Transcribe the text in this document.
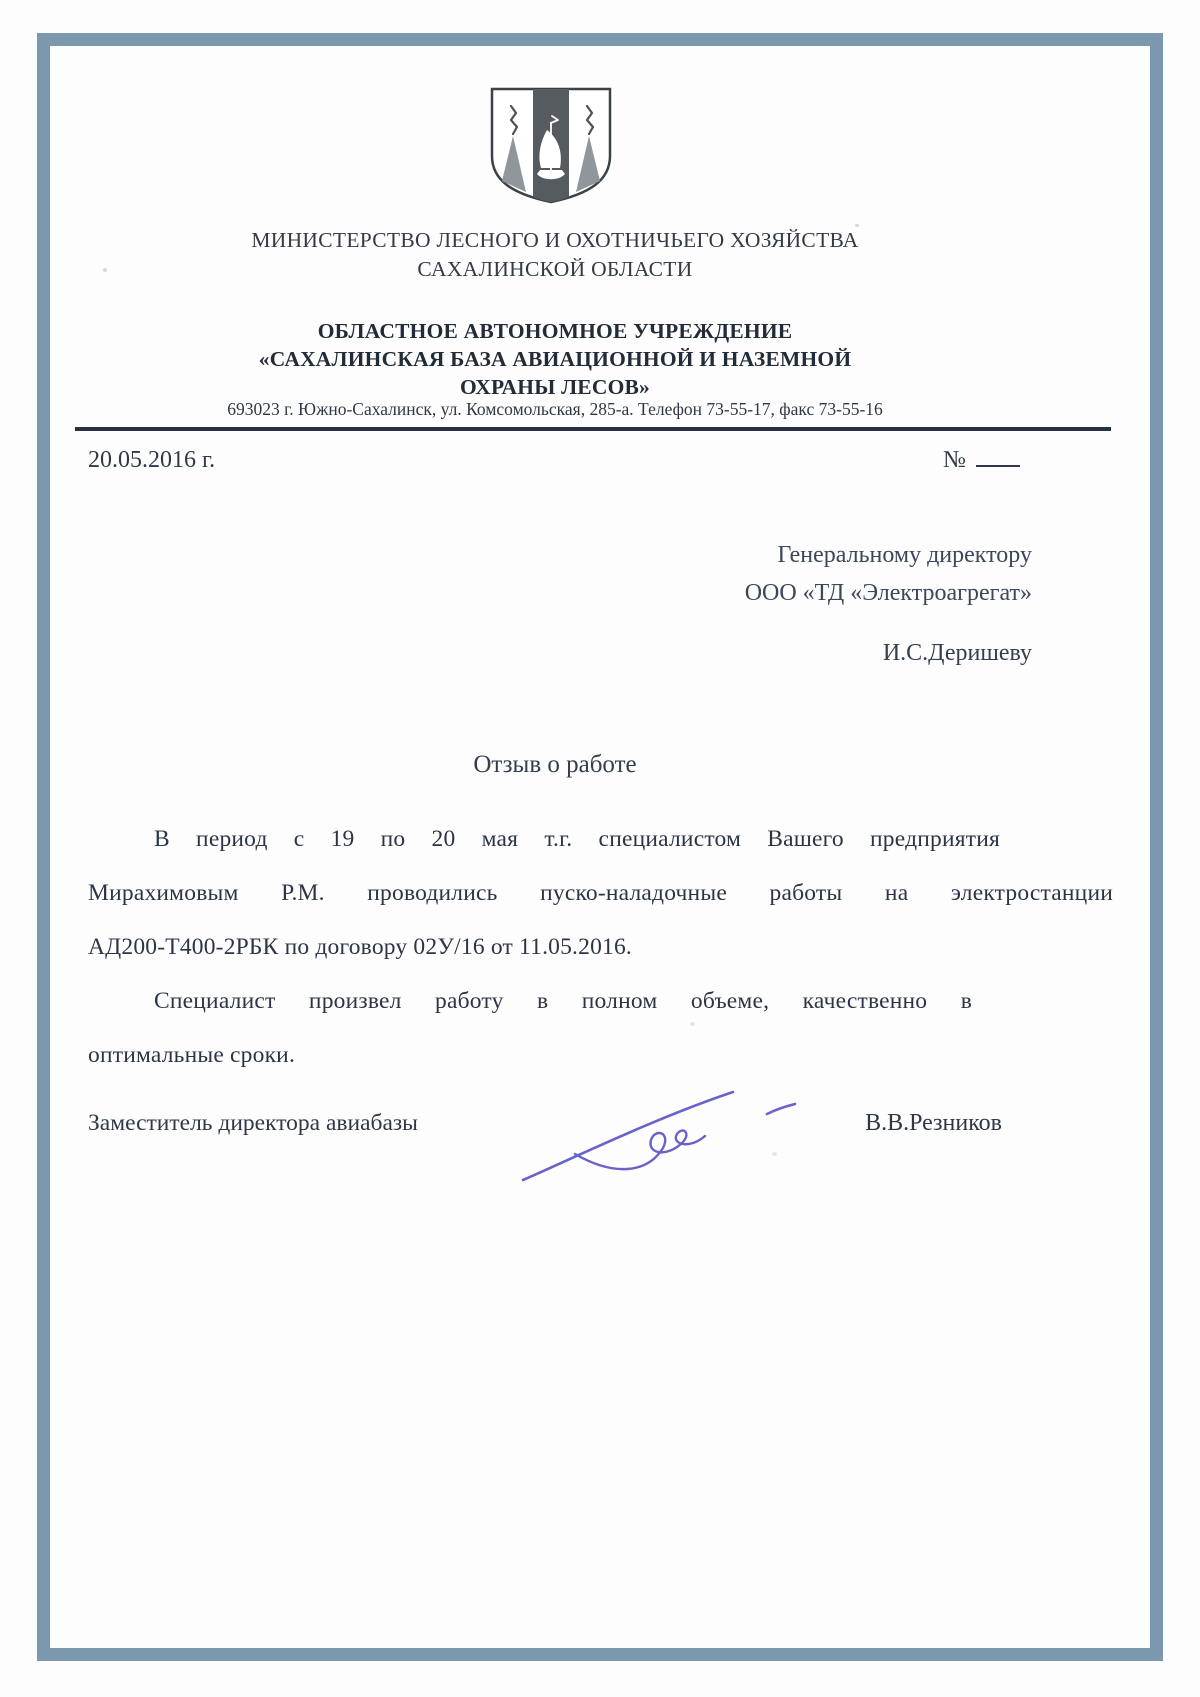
МИНИСТЕРСТВО ЛЕСНОГО И ОХОТНИЧЬЕГО ХОЗЯЙСТВА
САХАЛИНСКОЙ ОБЛАСТИ
ОБЛАСТНОЕ АВТОНОМНОЕ УЧРЕЖДЕНИЕ
«САХАЛИНСКАЯ БАЗА АВИАЦИОННОЙ И НАЗЕМНОЙ
ОХРАНЫ ЛЕСОВ»
693023 г. Южно-Сахалинск, ул. Комсомольская, 285-а. Телефон 73-55-17, факс 73-55-16
20.05.2016 г.	№
Генеральному директору
ООО «ТД «Электроагрегат»
И.С.Деришеву
Отзыв о работе
В период с 19 по 20 мая т.г. специалистом Вашего предприятия
Мирахимовым Р.М. проводились пуско-наладочные работы на электростанции
АД200-Т400-2РБК по договору 02У/16 от 11.05.2016.
Специалист произвел работу в полном объеме, качественно в
оптимальные сроки.
Заместитель директора авиабазы	В.В.Резников
